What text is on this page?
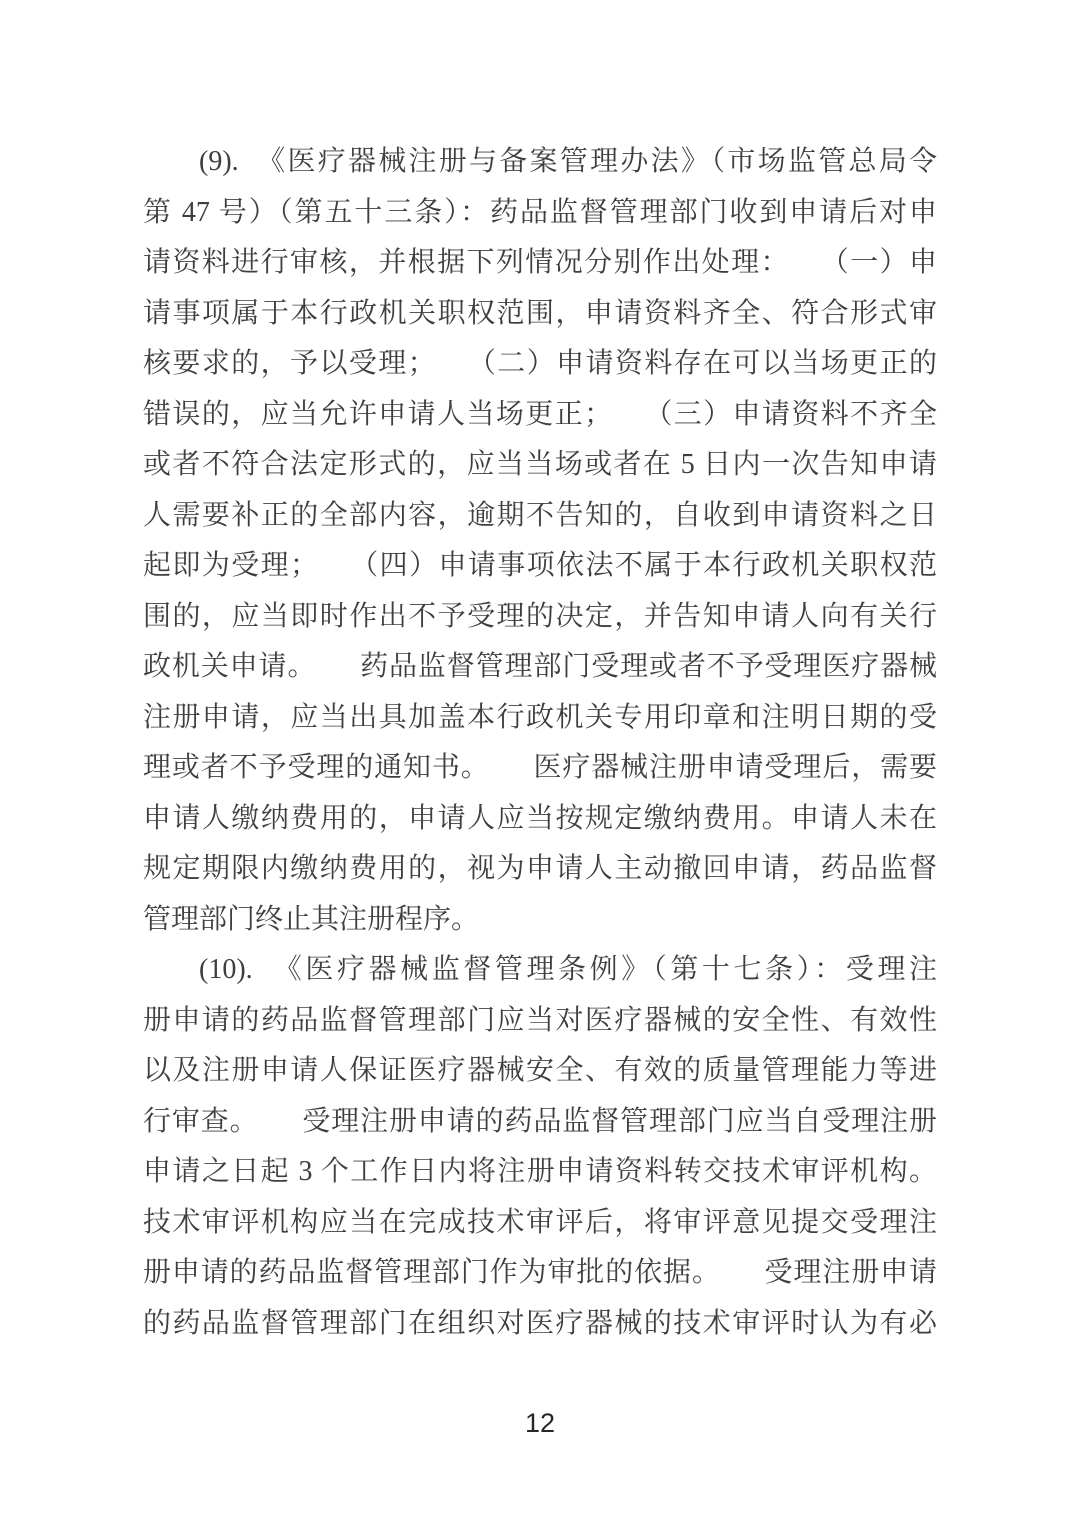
(9).　《医疗器械注册与备案管理办法》（市场监管总局令
第 47 号）（第五十三条）：药品监督管理部门收到申请后对申
请资料进行审核，并根据下列情况分别作出处理：　　（一）申
请事项属于本行政机关职权范围，申请资料齐全、符合形式审
核要求的，予以受理；　　（二）申请资料存在可以当场更正的
错误的，应当允许申请人当场更正；　　（三）申请资料不齐全
或者不符合法定形式的，应当当场或者在 5 日内一次告知申请
人需要补正的全部内容，逾期不告知的，自收到申请资料之日
起即为受理；　　（四）申请事项依法不属于本行政机关职权范
围的，应当即时作出不予受理的决定，并告知申请人向有关行
政机关申请。　　药品监督管理部门受理或者不予受理医疗器械
注册申请，应当出具加盖本行政机关专用印章和注明日期的受
理或者不予受理的通知书。　　医疗器械注册申请受理后，需要
申请人缴纳费用的，申请人应当按规定缴纳费用。申请人未在
规定期限内缴纳费用的，视为申请人主动撤回申请，药品监督
管理部门终止其注册程序。
(10).　《医疗器械监督管理条例》（第十七条）：受理注
册申请的药品监督管理部门应当对医疗器械的安全性、有效性
以及注册申请人保证医疗器械安全、有效的质量管理能力等进
行审查。　　受理注册申请的药品监督管理部门应当自受理注册
申请之日起 3 个工作日内将注册申请资料转交技术审评机构。
技术审评机构应当在完成技术审评后，将审评意见提交受理注
册申请的药品监督管理部门作为审批的依据。　　受理注册申请
的药品监督管理部门在组织对医疗器械的技术审评时认为有必
12
